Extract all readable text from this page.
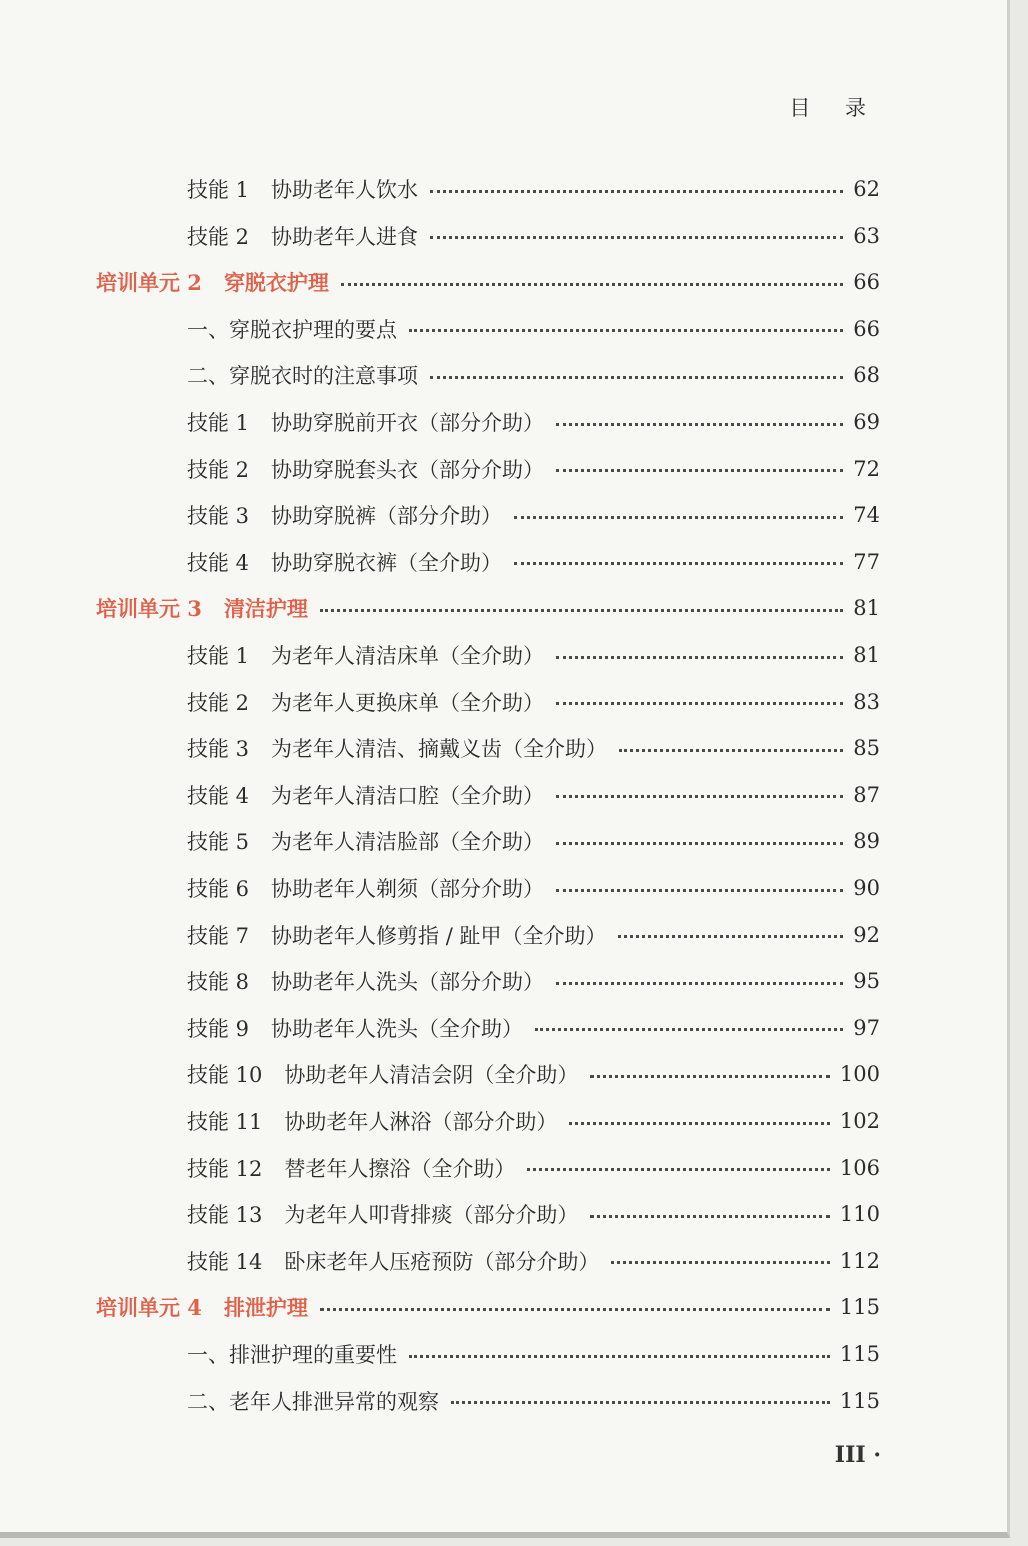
目 录
技能 1 协助老年人饮水	62
技能 2 协助老年人进食	63
培训单元 2 穿脱衣护理	66
一、穿脱衣护理的要点	66
二、穿脱衣时的注意事项	68
技能 1 协助穿脱前开衣（部分介助）	69
技能 2 协助穿脱套头衣（部分介助）	72
技能 3 协助穿脱裤（部分介助）	74
技能 4 协助穿脱衣裤（全介助）	77
培训单元 3 清洁护理	81
技能 1 为老年人清洁床单（全介助）	81
技能 2 为老年人更换床单（全介助）	83
技能 3 为老年人清洁、摘戴义齿（全介助）	85
技能 4 为老年人清洁口腔（全介助）	87
技能 5 为老年人清洁脸部（全介助）	89
技能 6 协助老年人剃须（部分介助）	90
技能 7 协助老年人修剪指 / 趾甲（全介助）	92
技能 8 协助老年人洗头（部分介助）	95
技能 9 协助老年人洗头（全介助）	97
技能 10 协助老年人清洁会阴（全介助）	100
技能 11 协助老年人淋浴（部分介助）	102
技能 12 替老年人擦浴（全介助）	106
技能 13 为老年人叩背排痰（部分介助）	110
技能 14 卧床老年人压疮预防（部分介助）	112
培训单元 4 排泄护理	115
一、排泄护理的重要性	115
二、老年人排泄异常的观察	115
III ·
